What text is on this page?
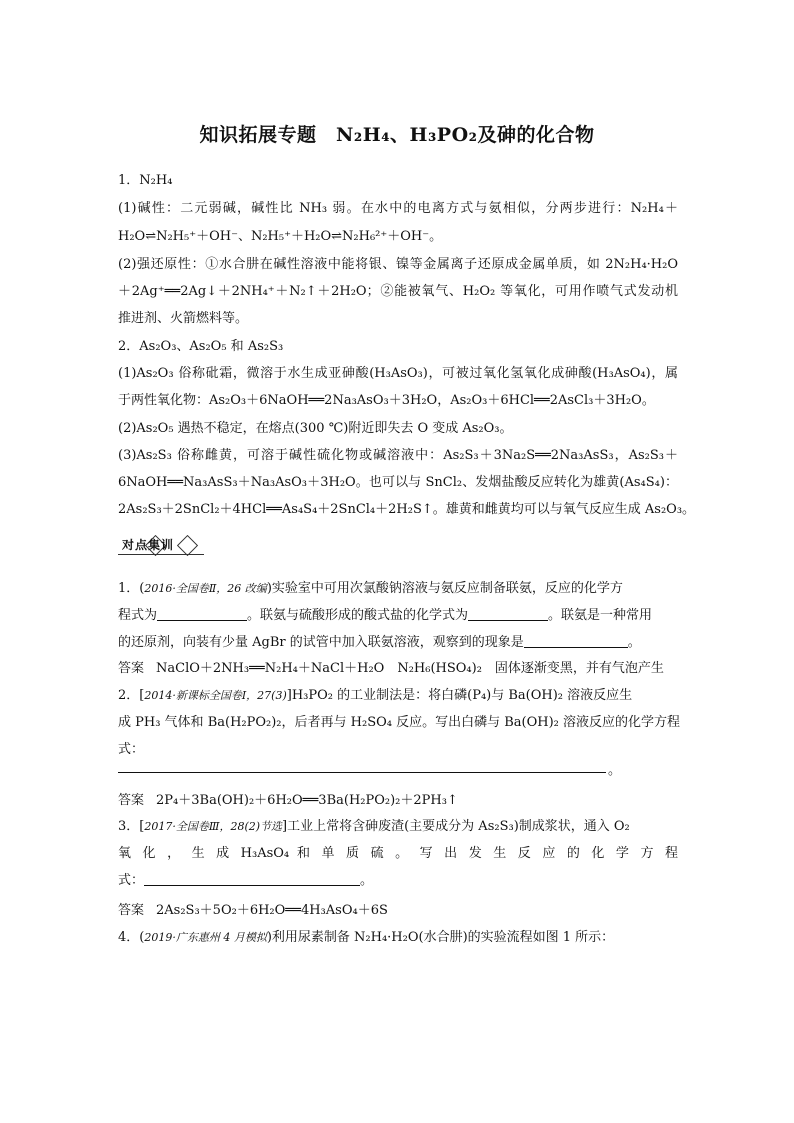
知识拓展专题　N₂H₄、H₃PO₂及砷的化合物
1．N₂H₄
(1)碱性：二元弱碱，碱性比 NH₃ 弱。在水中的电离方式与氨相似，分两步进行：N₂H₄＋
H₂O⇌N₂H₅⁺＋OH⁻、N₂H₅⁺＋H₂O⇌N₂H₆²⁺＋OH⁻。
(2)强还原性：①水合肼在碱性溶液中能将银、镍等金属离子还原成金属单质，如 2N₂H₄·H₂O
＋2Ag⁺══2Ag↓＋2NH₄⁺＋N₂↑＋2H₂O；②能被氧气、H₂O₂ 等氧化，可用作喷气式发动机
推进剂、火箭燃料等。
2．As₂O₃、As₂O₅ 和 As₂S₃
(1)As₂O₃ 俗称砒霜，微溶于水生成亚砷酸(H₃AsO₃)，可被过氧化氢氧化成砷酸(H₃AsO₄)，属
于两性氧化物：As₂O₃＋6NaOH══2Na₃AsO₃＋3H₂O，As₂O₃＋6HCl══2AsCl₃＋3H₂O。
(2)As₂O₅ 遇热不稳定，在熔点(300 ℃)附近即失去 O 变成 As₂O₃。
(3)As₂S₃ 俗称雌黄，可溶于碱性硫化物或碱溶液中：As₂S₃＋3Na₂S══2Na₃AsS₃，As₂S₃＋
6NaOH══Na₃AsS₃＋Na₃AsO₃＋3H₂O。也可以与 SnCl₂、发烟盐酸反应转化为雄黄(As₄S₄)：
2As₂S₃＋2SnCl₂＋4HCl══As₄S₄＋2SnCl₄＋2H₂S↑。雄黄和雌黄均可以与氧气反应生成 As₂O₃。
对点集训
1．(2016·全国卷Ⅱ，26 改编)实验室中可用次氯酸钠溶液与氨反应制备联氨，反应的化学方
程式为	。联氨与硫酸形成的酸式盐的化学式为	。联氨是一种常用
的还原剂，向装有少量 AgBr 的试管中加入联氨溶液，观察到的现象是	。
答案 NaClO＋2NH₃══N₂H₄＋NaCl＋H₂O　N₂H₆(HSO₄)₂　固体逐渐变黑，并有气泡产生
2．[2014·新课标全国卷Ⅰ，27(3)]H₃PO₂ 的工业制法是：将白磷(P₄)与 Ba(OH)₂ 溶液反应生
成 PH₃ 气体和 Ba(H₂PO₂)₂，后者再与 H₂SO₄ 反应。写出白磷与 Ba(OH)₂ 溶液反应的化学方程
式：
。
答案 2P₄＋3Ba(OH)₂＋6H₂O══3Ba(H₂PO₂)₂＋2PH₃↑
3．[2017·全国卷Ⅲ，28(2)节选]工业上常将含砷废渣(主要成分为 As₂S₃)制成浆状，通入 O₂
氧 化 ， 生 成 H₃AsO₄ 和 单 质 硫 。 写 出 发 生 反 应 的 化 学 方 程
式：	。
答案 2As₂S₃＋5O₂＋6H₂O══4H₃AsO₄＋6S
4．(2019·广东惠州 4 月模拟)利用尿素制备 N₂H₄·H₂O(水合肼)的实验流程如图 1 所示：
